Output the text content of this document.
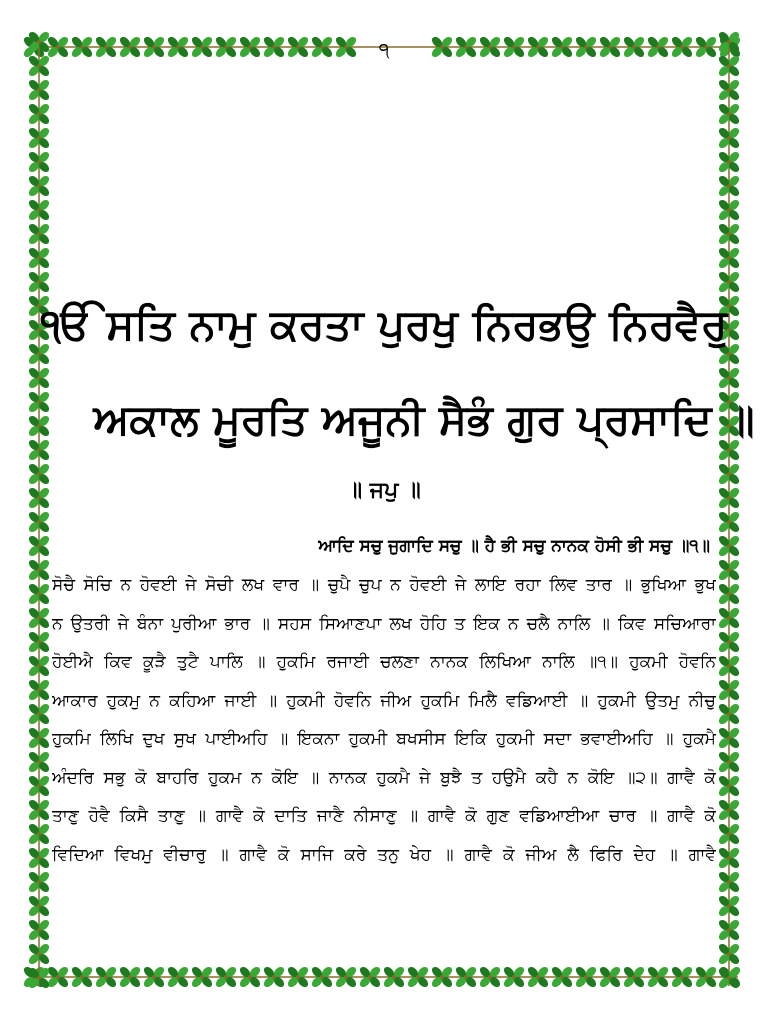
੧
ੴ ਸਤਿ ਨਾਮੁ ਕਰਤਾ ਪੁਰਖੁ ਨਿਰਭਉ ਨਿਰਵੈਰੁ
ਅਕਾਲ ਮੂਰਤਿ ਅਜੂਨੀ ਸੈਭੰ ਗੁਰ ਪ੍ਰਸਾਦਿ ॥
॥ ਜਪੁ ॥
ਆਦਿ ਸਚੁ ਜੁਗਾਦਿ ਸਚੁ ॥ ਹੈ ਭੀ ਸਚੁ ਨਾਨਕ ਹੋਸੀ ਭੀ ਸਚੁ ॥੧॥
ਸੋਚੈ ਸੋਚਿ ਨ ਹੋਵਈ ਜੇ ਸੋਚੀ ਲਖ ਵਾਰ ॥ ਚੁਪੈ ਚੁਪ ਨ ਹੋਵਈ ਜੇ ਲਾਇ ਰਹਾ ਲਿਵ ਤਾਰ ॥ ਭੁਖਿਆ ਭੁਖ
ਨ ਉਤਰੀ ਜੇ ਬੰਨਾ ਪੁਰੀਆ ਭਾਰ ॥ ਸਹਸ ਸਿਆਣਪਾ ਲਖ ਹੋਹਿ ਤ ਇਕ ਨ ਚਲੈ ਨਾਲਿ ॥ ਕਿਵ ਸਚਿਆਰਾ
ਹੋਈਐ ਕਿਵ ਕੂੜੈ ਤੁਟੈ ਪਾਲਿ ॥ ਹੁਕਮਿ ਰਜਾਈ ਚਲਣਾ ਨਾਨਕ ਲਿਖਿਆ ਨਾਲਿ ॥੧॥ ਹੁਕਮੀ ਹੋਵਨਿ
ਆਕਾਰ ਹੁਕਮੁ ਨ ਕਹਿਆ ਜਾਈ ॥ ਹੁਕਮੀ ਹੋਵਨਿ ਜੀਅ ਹੁਕਮਿ ਮਿਲੈ ਵਡਿਆਈ ॥ ਹੁਕਮੀ ਉਤਮੁ ਨੀਚੁ
ਹੁਕਮਿ ਲਿਖਿ ਦੁਖ ਸੁਖ ਪਾਈਅਹਿ ॥ ਇਕਨਾ ਹੁਕਮੀ ਬਖਸੀਸ ਇਕਿ ਹੁਕਮੀ ਸਦਾ ਭਵਾਈਅਹਿ ॥ ਹੁਕਮੈ
ਅੰਦਰਿ ਸਭੁ ਕੋ ਬਾਹਰਿ ਹੁਕਮ ਨ ਕੋਇ ॥ ਨਾਨਕ ਹੁਕਮੈ ਜੇ ਬੁਝੈ ਤ ਹਉਮੈ ਕਹੈ ਨ ਕੋਇ ॥੨॥ ਗਾਵੈ ਕੋ
ਤਾਣੁ ਹੋਵੈ ਕਿਸੈ ਤਾਣੁ ॥ ਗਾਵੈ ਕੋ ਦਾਤਿ ਜਾਣੈ ਨੀਸਾਣੁ ॥ ਗਾਵੈ ਕੋ ਗੁਣ ਵਡਿਆਈਆ ਚਾਰ ॥ ਗਾਵੈ ਕੋ
ਵਿਦਿਆ ਵਿਖਮੁ ਵੀਚਾਰੁ ॥ ਗਾਵੈ ਕੋ ਸਾਜਿ ਕਰੇ ਤਨੁ ਖੇਹ ॥ ਗਾਵੈ ਕੋ ਜੀਅ ਲੈ ਫਿਰਿ ਦੇਹ ॥ ਗਾਵੈ
